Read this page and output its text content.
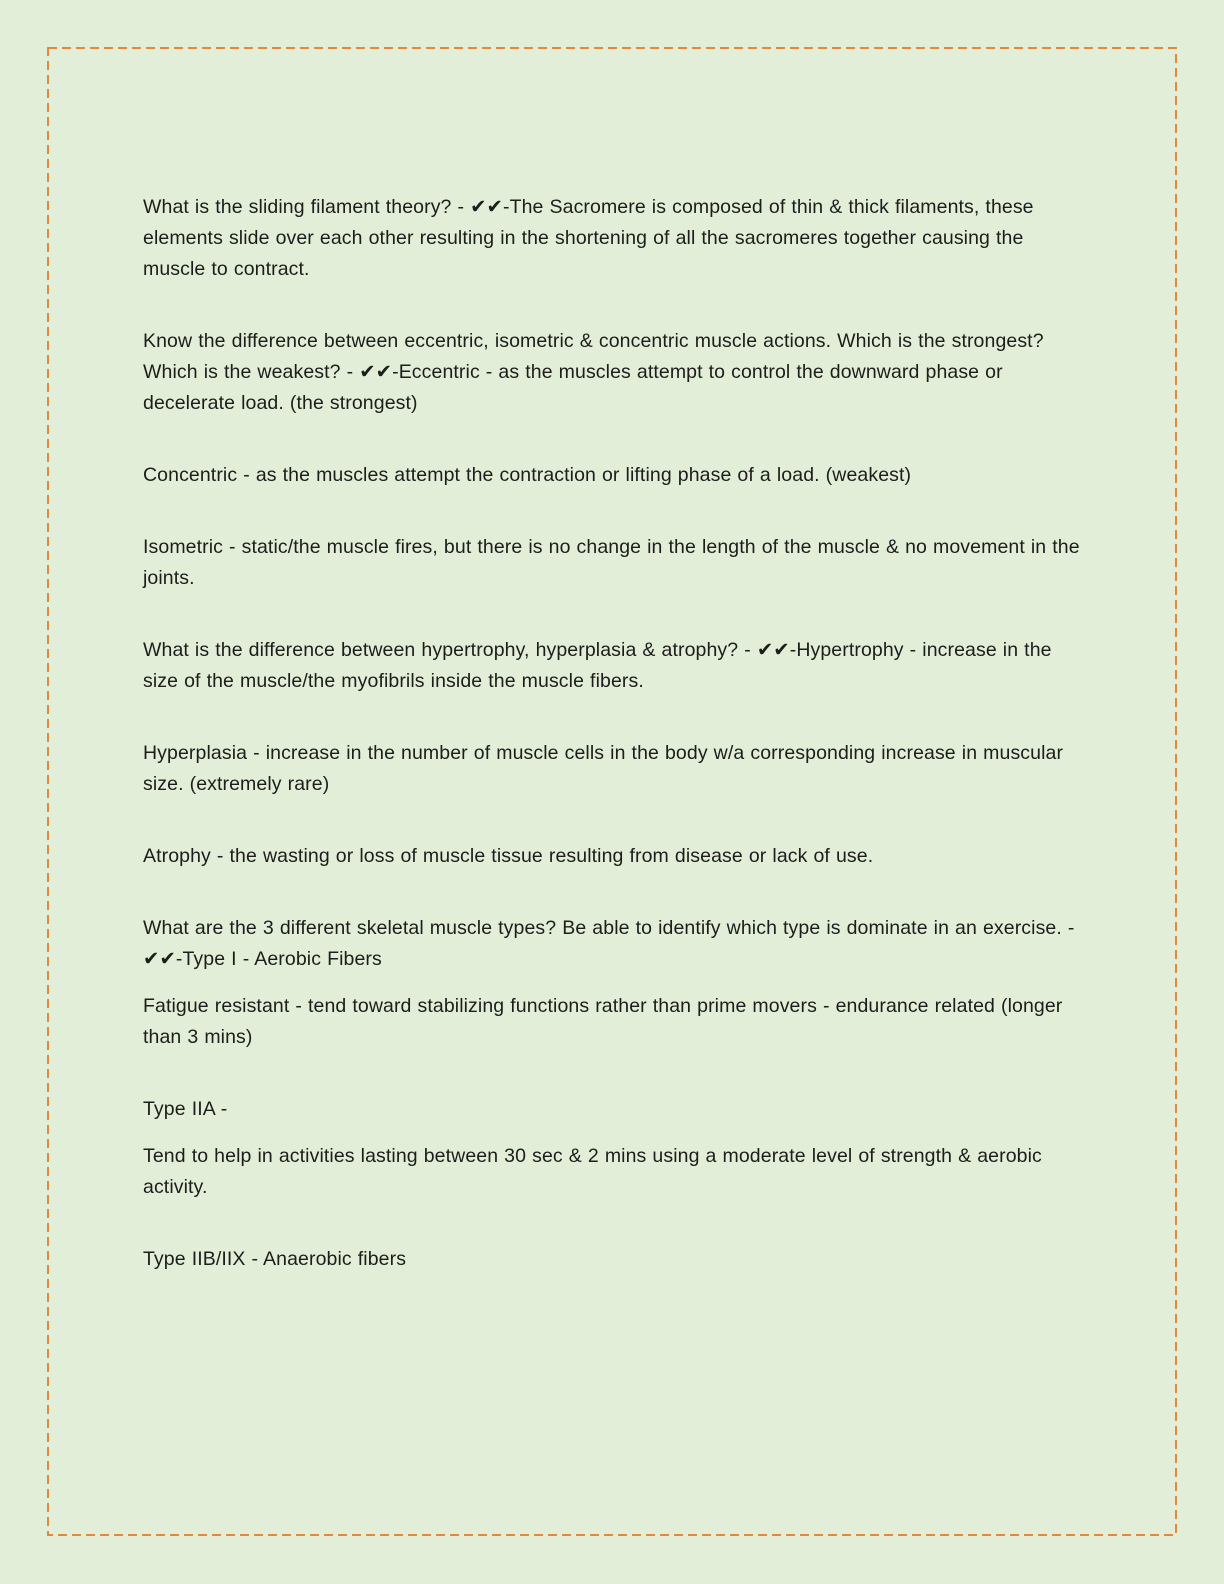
What is the sliding filament theory? - ✔✔-The Sacromere is composed of thin & thick filaments, these elements slide over each other resulting in the shortening of all the sacromeres together causing the muscle to contract.

Know the difference between eccentric, isometric & concentric muscle actions. Which is the strongest? Which is the weakest? - ✔✔-Eccentric - as the muscles attempt to control the downward phase or decelerate load. (the strongest)

Concentric - as the muscles attempt the contraction or lifting phase of a load. (weakest)

Isometric - static/the muscle fires, but there is no change in the length of the muscle & no movement in the joints.

What is the difference between hypertrophy, hyperplasia & atrophy? - ✔✔-Hypertrophy - increase in the size of the muscle/the myofibrils inside the muscle fibers.

Hyperplasia - increase in the number of muscle cells in the body w/a corresponding increase in muscular size. (extremely rare)

Atrophy - the wasting or loss of muscle tissue resulting from disease or lack of use.

What are the 3 different skeletal muscle types? Be able to identify which type is dominate in an exercise. - ✔✔-Type I - Aerobic Fibers

Fatigue resistant - tend toward stabilizing functions rather than prime movers - endurance related (longer than 3 mins)

Type IIA -

Tend to help in activities lasting between 30 sec & 2 mins using a moderate level of strength & aerobic activity.

Type IIB/IIX - Anaerobic fibers
